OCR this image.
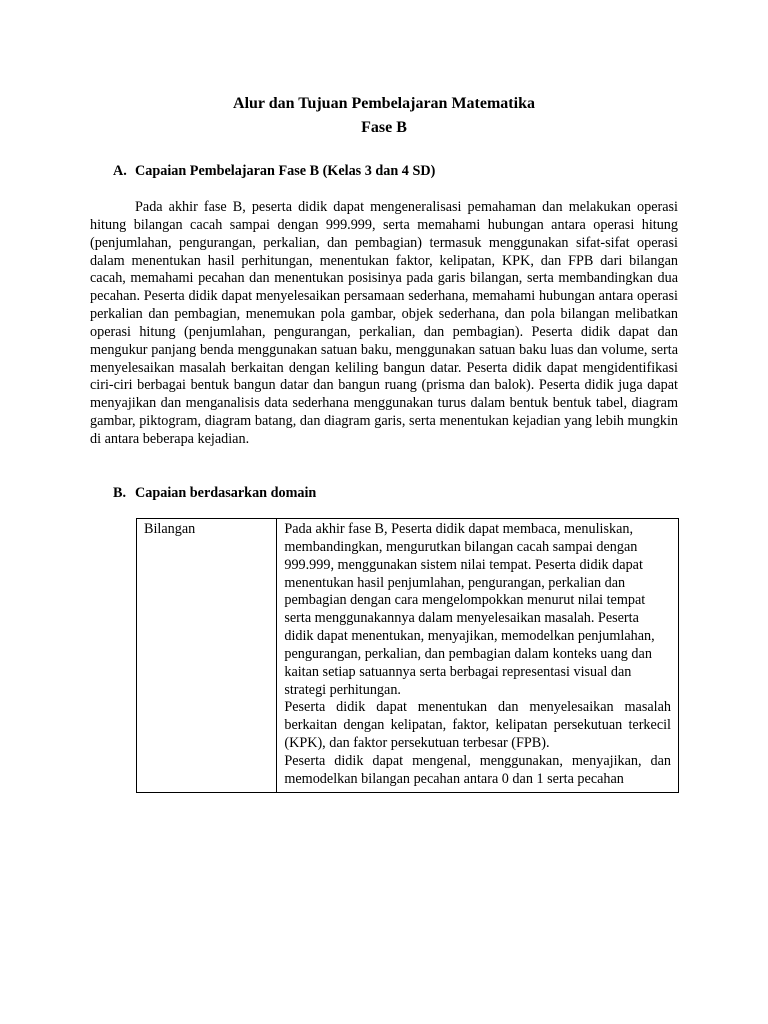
Alur dan Tujuan Pembelajaran Matematika
Fase B
A. Capaian Pembelajaran Fase B (Kelas 3 dan 4 SD)

Pada akhir fase B, peserta didik dapat mengeneralisasi pemahaman dan melakukan operasi hitung bilangan cacah sampai dengan 999.999, serta memahami hubungan antara operasi hitung (penjumlahan, pengurangan, perkalian, dan pembagian) termasuk menggunakan sifat-sifat operasi dalam menentukan hasil perhitungan, menentukan faktor, kelipatan, KPK, dan FPB dari bilangan cacah, memahami pecahan dan menentukan posisinya pada garis bilangan, serta membandingkan dua pecahan. Peserta didik dapat menyelesaikan persamaan sederhana, memahami hubungan antara operasi perkalian dan pembagian, menemukan pola gambar, objek sederhana, dan pola bilangan melibatkan operasi hitung (penjumlahan, pengurangan, perkalian, dan pembagian). Peserta didik dapat dan mengukur panjang benda menggunakan satuan baku, menggunakan satuan baku luas dan volume, serta menyelesaikan masalah berkaitan dengan keliling bangun datar. Peserta didik dapat mengidentifikasi ciri-ciri berbagai bentuk bangun datar dan bangun ruang (prisma dan balok). Peserta didik juga dapat menyajikan dan menganalisis data sederhana menggunakan turus dalam bentuk bentuk tabel, diagram gambar, piktogram, diagram batang, dan diagram garis, serta menentukan kejadian yang lebih mungkin di antara beberapa kejadian.

B. Capaian berdasarkan domain
Bilangan	Pada akhir fase B, Peserta didik dapat membaca, menuliskan, membandingkan, mengurutkan bilangan cacah sampai dengan 999.999, menggunakan sistem nilai tempat. Peserta didik dapat menentukan hasil penjumlahan, pengurangan, perkalian dan pembagian dengan cara mengelompokkan menurut nilai tempat serta menggunakannya dalam menyelesaikan masalah. Peserta didik dapat menentukan, menyajikan, memodelkan penjumlahan, pengurangan, perkalian, dan pembagian dalam konteks uang dan kaitan setiap satuannya serta berbagai representasi visual dan strategi perhitungan.

Peserta didik dapat menentukan dan menyelesaikan masalah berkaitan dengan kelipatan, faktor, kelipatan persekutuan terkecil (KPK), dan faktor persekutuan terbesar (FPB).

Peserta didik dapat mengenal, menggunakan, menyajikan, dan memodelkan bilangan pecahan antara 0 dan 1 serta pecahan
